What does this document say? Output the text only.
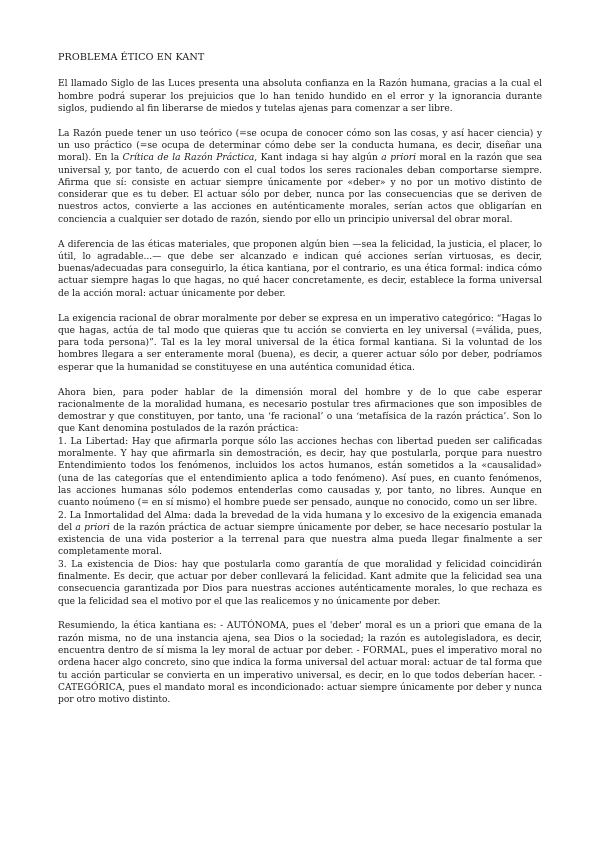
PROBLEMA ÉTICO EN KANT

El llamado Siglo de las Luces presenta una absoluta confianza en la Razón humana, gracias a la cual el hombre podrá superar los prejuicios que lo han tenido hundido en el error y la ignorancia durante siglos, pudiendo al fin liberarse de miedos y tutelas ajenas para comenzar a ser libre.

La Razón puede tener un uso teórico (=se ocupa de conocer cómo son las cosas, y así hacer ciencia) y un uso práctico (=se ocupa de determinar cómo debe ser la conducta humana, es decir, diseñar una moral). En la Crítica de la Razón Práctica, Kant indaga si hay algún a priori moral en la razón que sea universal y, por tanto, de acuerdo con el cual todos los seres racionales deban comportarse siempre. Afirma que sí: consiste en actuar siempre únicamente por «deber» y no por un motivo distinto de considerar que es tu deber. El actuar sólo por deber, nunca por las consecuencias que se deriven de nuestros actos, convierte a las acciones en auténticamente morales, serían actos que obligarían en conciencia a cualquier ser dotado de razón, siendo por ello un principio universal del obrar moral.

A diferencia de las éticas materiales, que proponen algún bien —sea la felicidad, la justicia, el placer, lo útil, lo agradable...— que debe ser alcanzado e indican qué acciones serían virtuosas, es decir, buenas/adecuadas para conseguirlo, la ética kantiana, por el contrario, es una ética formal: indica cómo actuar siempre hagas lo que hagas, no qué hacer concretamente, es decir, establece la forma universal de la acción moral: actuar únicamente por deber.

La exigencia racional de obrar moralmente por deber se expresa en un imperativo categórico: “Hagas lo que hagas, actúa de tal modo que quieras que tu acción se convierta en ley universal (=válida, pues, para toda persona)”. Tal es la ley moral universal de la ética formal kantiana. Si la voluntad de los hombres llegara a ser enteramente moral (buena), es decir, a querer actuar sólo por deber, podríamos esperar que la humanidad se constituyese en una auténtica comunidad ética.

Ahora bien, para poder hablar de la dimensión moral del hombre y de lo que cabe esperar racionalmente de la moralidad humana, es necesario postular tres afirmaciones que son imposibles de demostrar y que constituyen, por tanto, una ‘fe racional’ o una ‘metafísica de la razón práctica’. Son lo que Kant denomina postulados de la razón práctica:

1. La Libertad: Hay que afirmarla porque sólo las acciones hechas con libertad pueden ser calificadas moralmente. Y hay que afirmarla sin demostración, es decir, hay que postularla, porque para nuestro Entendimiento todos los fenómenos, incluidos los actos humanos, están sometidos a la «causalidad» (una de las categorías que el entendimiento aplica a todo fenómeno). Así pues, en cuanto fenómenos, las acciones humanas sólo podemos entenderlas como causadas y, por tanto, no libres. Aunque en cuanto noúmeno (= en sí mismo) el hombre puede ser pensado, aunque no conocido, como un ser libre.

2. La Inmortalidad del Alma: dada la brevedad de la vida humana y lo excesivo de la exigencia emanada del a priori de la razón práctica de actuar siempre únicamente por deber, se hace necesario postular la existencia de una vida posterior a la terrenal para que nuestra alma pueda llegar finalmente a ser completamente moral.

3. La existencia de Dios: hay que postularla como garantía de que moralidad y felicidad coincidirán finalmente. Es decir, que actuar por deber conllevará la felicidad. Kant admite que la felicidad sea una consecuencia garantizada por Dios para nuestras acciones auténticamente morales, lo que rechaza es que la felicidad sea el motivo por el que las realicemos y no únicamente por deber.

Resumiendo, la ética kantiana es: - AUTÓNOMA, pues el 'deber' moral es un a priori que emana de la razón misma, no de una instancia ajena, sea Dios o la sociedad; la razón es autolegisladora, es decir, encuentra dentro de sí misma la ley moral de actuar por deber. - FORMAL, pues el imperativo moral no ordena hacer algo concreto, sino que indica la forma universal del actuar moral: actuar de tal forma que tu acción particular se convierta en un imperativo universal, es decir, en lo que todos deberían hacer. - CATEGÓRICA, pues el mandato moral es incondicionado: actuar siempre únicamente por deber y nunca por otro motivo distinto.
